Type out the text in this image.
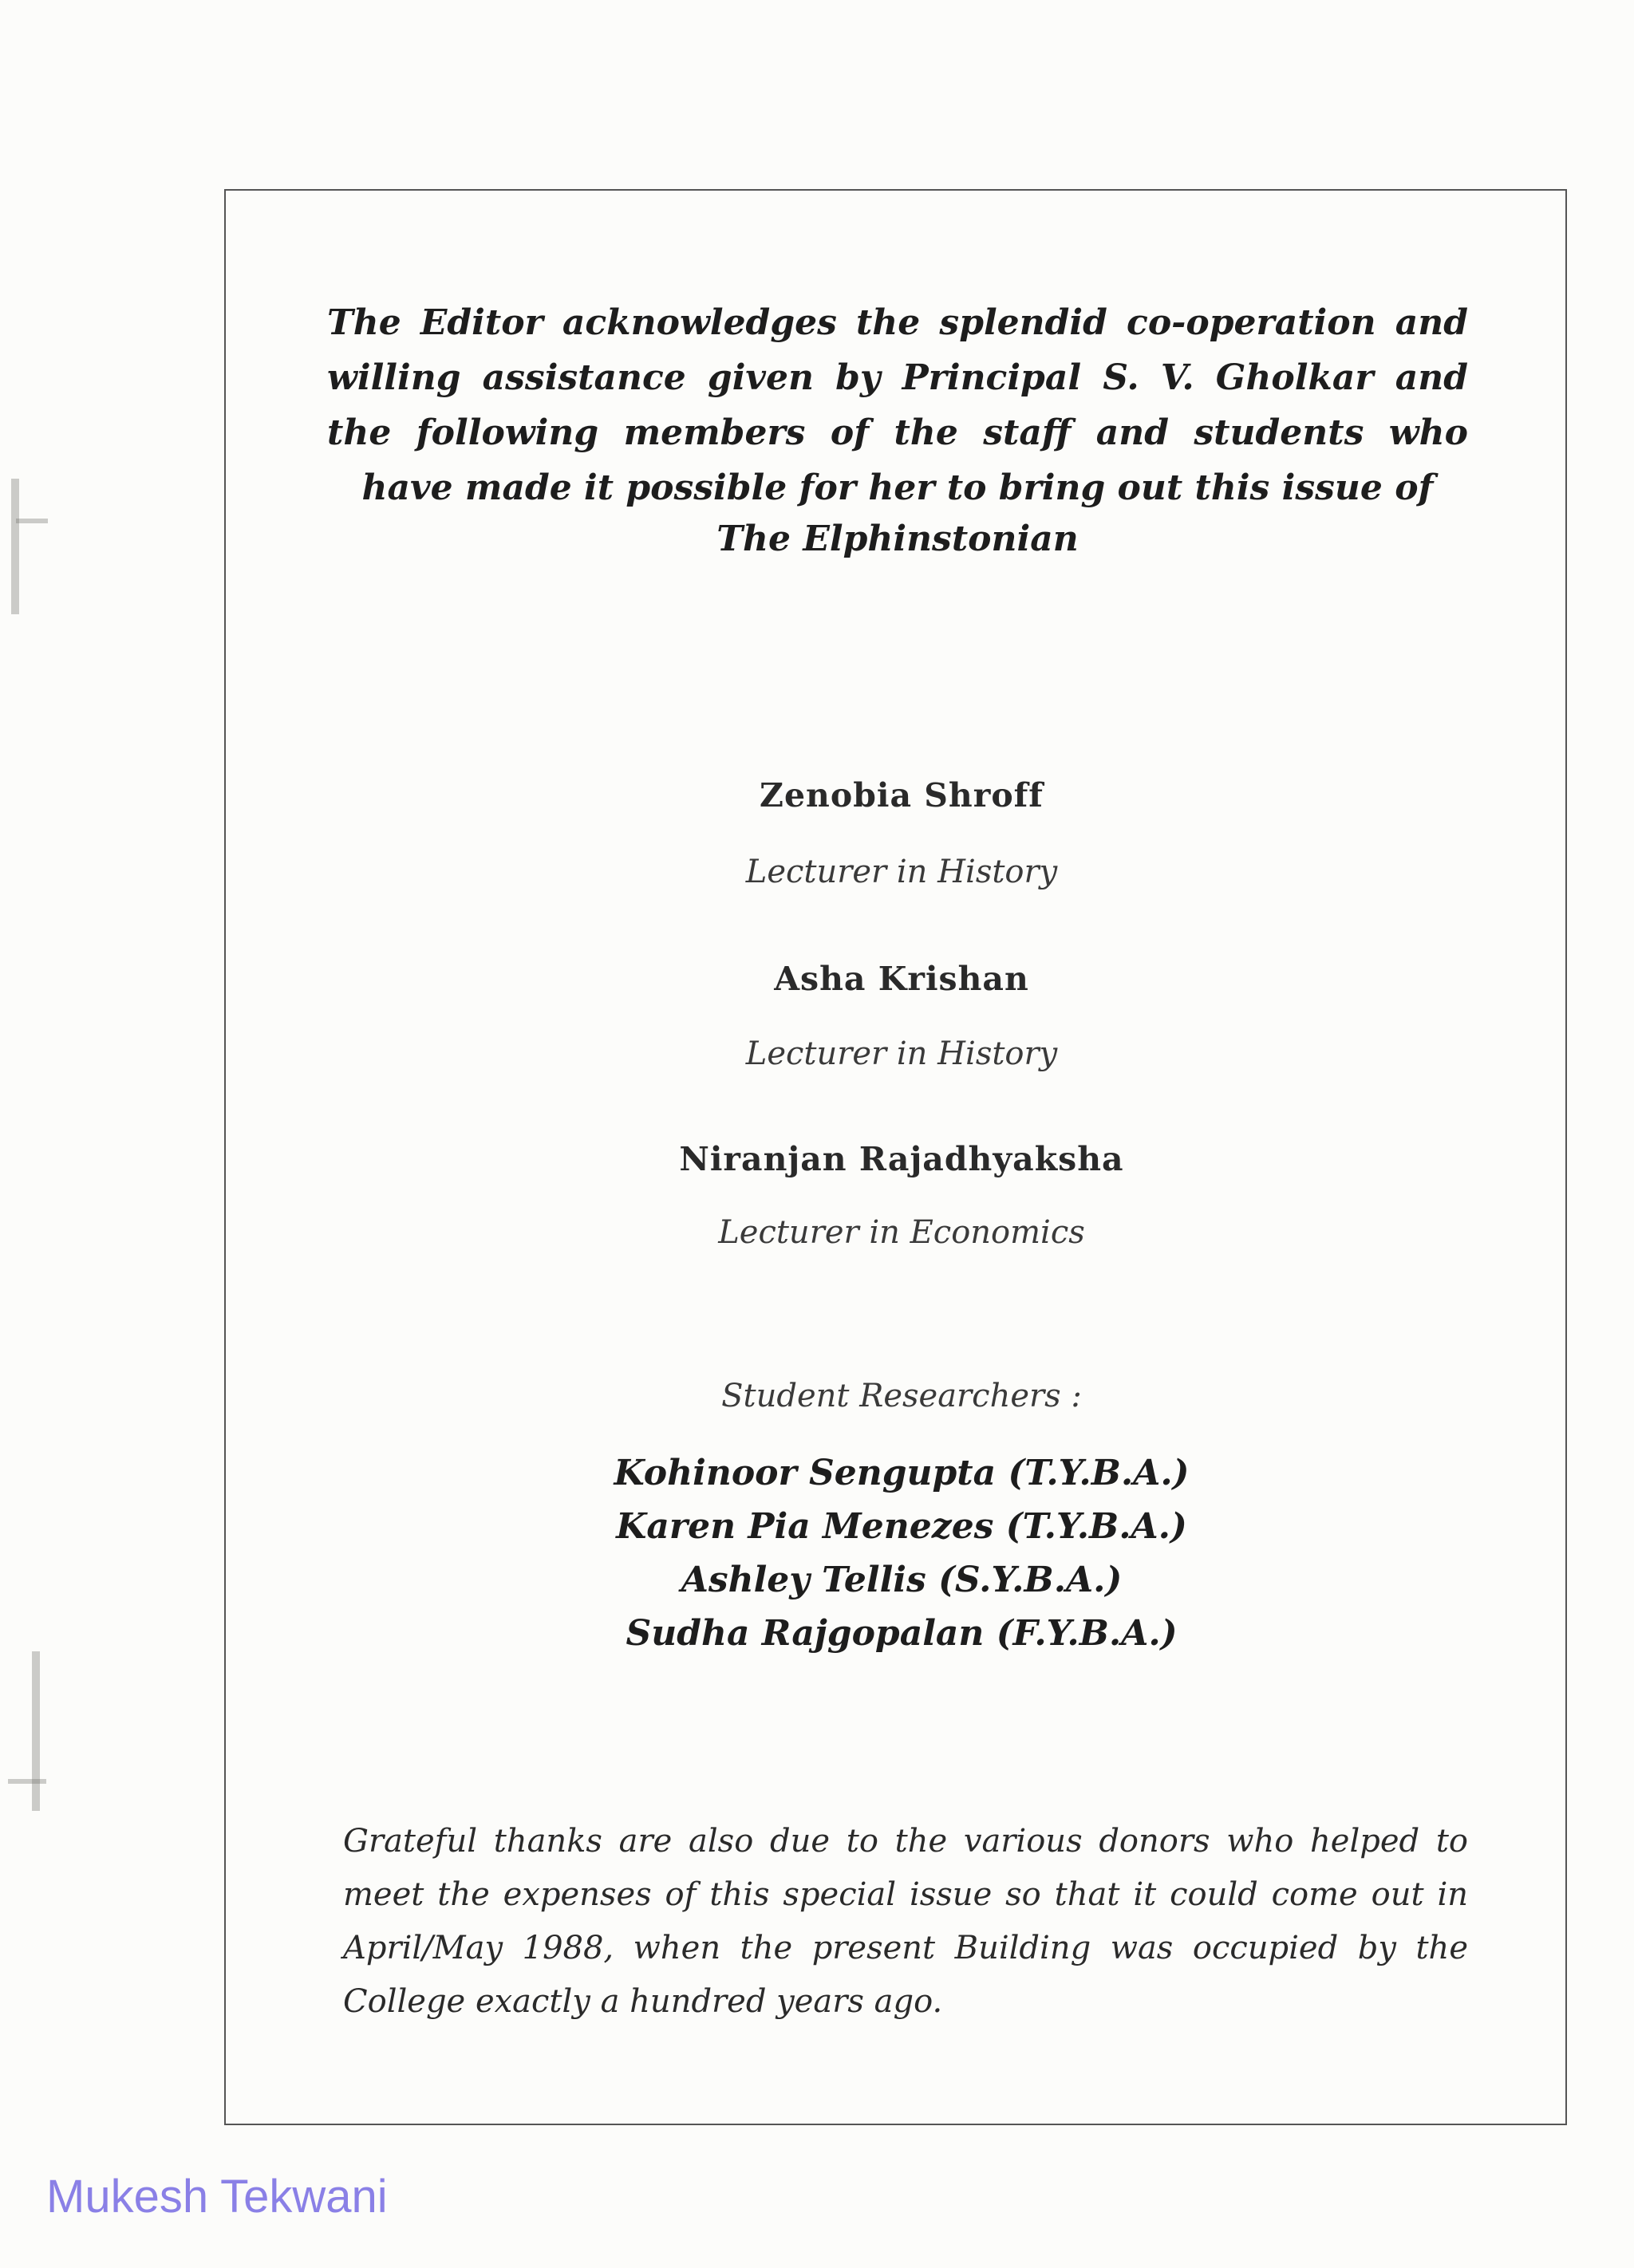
The Editor acknowledges the splendid co-operation and willing assistance given by Principal S. V. Gholkar and the following members of the staff and students who have made it possible for her to bring out this issue of

The Elphinstonian

Zenobia Shroff
Lecturer in History
Asha Krishan
Lecturer in History
Niranjan Rajadhyaksha
Lecturer in Economics
Student Researchers :
Kohinoor Sengupta (T.Y.B.A.)
Karen Pia Menezes (T.Y.B.A.)
Ashley Tellis (S.Y.B.A.)
Sudha Rajgopalan (F.Y.B.A.)

Grateful thanks are also due to the various donors who helped to meet the expenses of this special issue so that it could come out in April/May 1988, when the present Building was occupied by the College exactly a hundred years ago.

Mukesh Tekwani
